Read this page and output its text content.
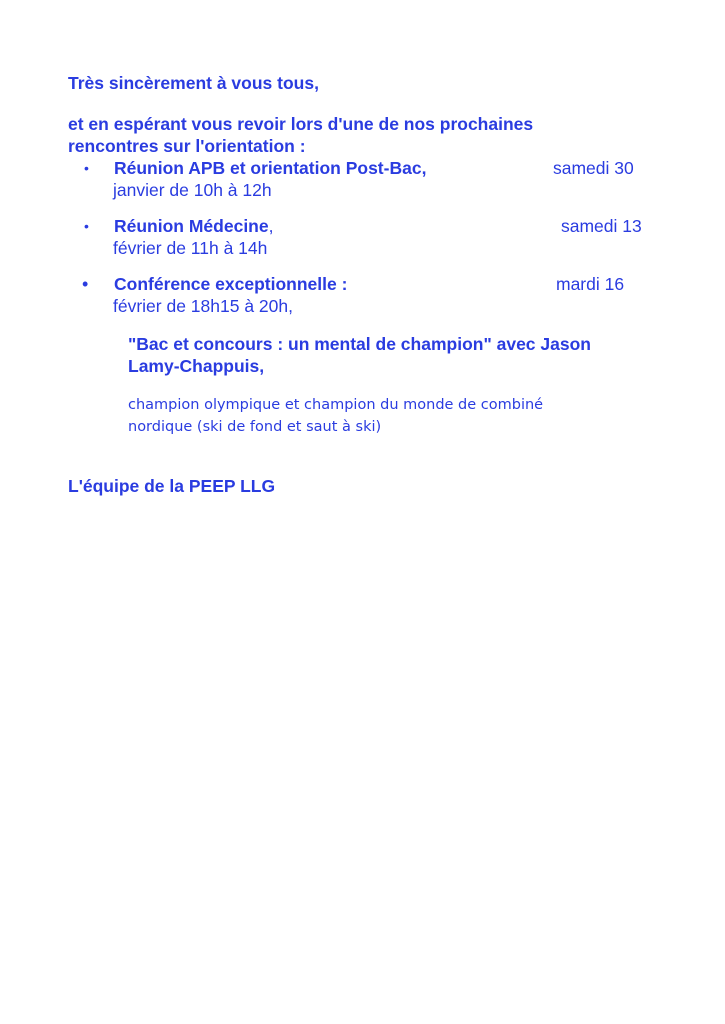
Très sincèrement à vous tous,
et en espérant vous revoir lors d'une de nos prochaines
rencontres sur l'orientation :
• Réunion APB et orientation Post-Bac,	samedi 30
janvier de 10h à 12h
• Réunion Médecine,	samedi 13
février de 11h à 14h
• Conférence exceptionnelle :	mardi 16
février de 18h15 à 20h,
"Bac et concours : un mental de champion" avec Jason
Lamy-Chappuis,
champion olympique et champion du monde de combiné
nordique (ski de fond et saut à ski)
L'équipe de la PEEP LLG
